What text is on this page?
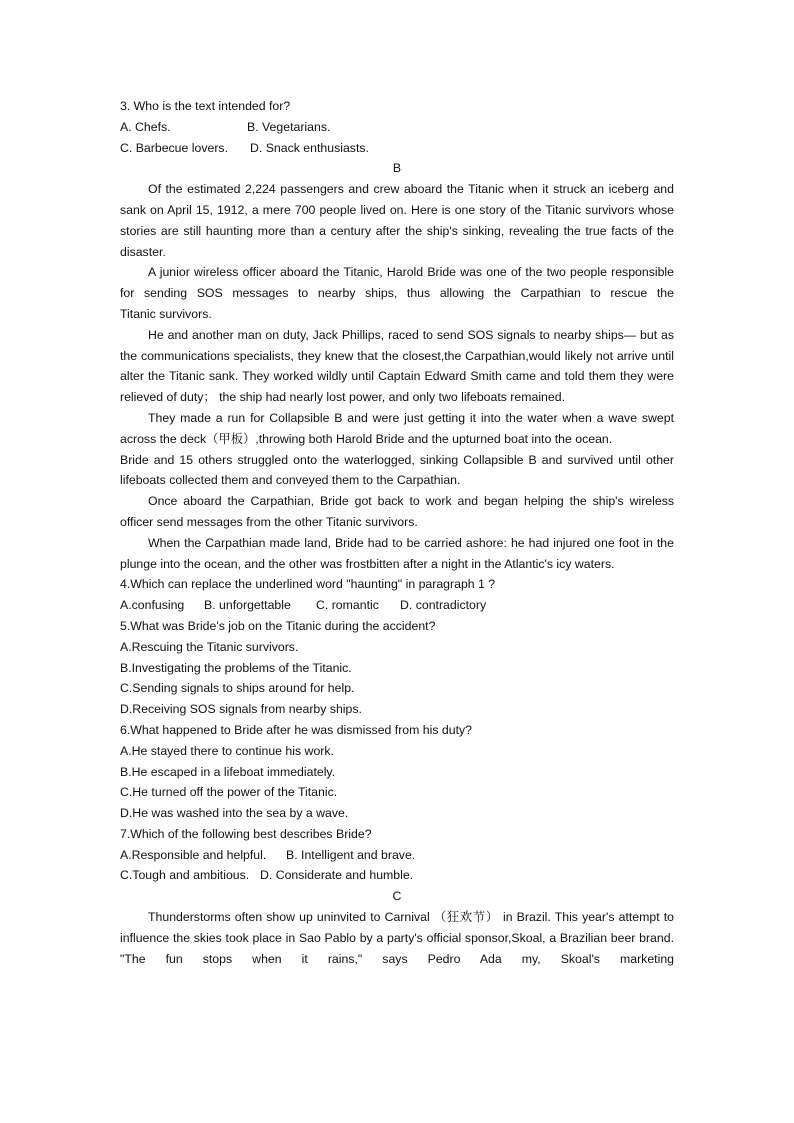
3. Who is the text intended for?
A. Chefs.	B. Vegetarians.
C. Barbecue lovers.	D. Snack enthusiasts.
B
Of the estimated 2,224 passengers and crew aboard the Titanic when it struck an iceberg and sank on April 15, 1912, a mere 700 people lived on. Here is one story of the Titanic survivors whose stories are still haunting more than a century after the ship's sinking, revealing the true facts of the disaster.
A junior wireless officer aboard the Titanic, Harold Bride was one of the two people responsible for sending SOS messages to nearby ships, thus allowing the Carpathian to rescue the
Titanic survivors.
He and another man on duty, Jack Phillips, raced to send SOS signals to nearby ships— but as the communications specialists, they knew that the closest,the Carpathian,would likely not arrive until alter the Titanic sank. They worked wildly until Captain Edward Smith came and told them they were relieved of duty； the ship had nearly lost power, and only two lifeboats remained.
They made a run for Collapsible B and were just getting it into the water when a wave swept across the deck（甲板）,throwing both Harold Bride and the upturned boat into the ocean.
Bride and 15 others struggled onto the waterlogged, sinking Collapsible B and survived until other lifeboats collected them and conveyed them to the Carpathian.
Once aboard the Carpathian, Bride got back to work and began helping the ship's wireless officer send messages from the other Titanic survivors.
When the Carpathian made land, Bride had to be carried ashore: he had injured one foot in the plunge into the ocean, and the other was frostbitten after a night in the Atlantic's icy waters.
4.Which can replace the underlined word "haunting" in paragraph 1 ?
A.confusing	B. unforgettable	C. romantic	D. contradictory
5.What was Bride's job on the Titanic during the accident?
A.Rescuing the Titanic survivors.
B.Investigating the problems of the Titanic.
C.Sending signals to ships around for help.
D.Receiving SOS signals from nearby ships.
6.What happened to Bride after he was dismissed from his duty?
A.He stayed there to continue his work.
B.He escaped in a lifeboat immediately.
C.He turned off the power of the Titanic.
D.He was washed into the sea by a wave.
7.Which of the following best describes Bride?
A.Responsible and helpful.	B. Intelligent and brave.
C.Tough and ambitious. D. Considerate and humble.
C
Thunderstorms often show up uninvited to Carnival （狂欢节） in Brazil. This year's attempt to influence the skies took place in Sao Pablo by a party's official sponsor,Skoal, a Brazilian beer brand. "The fun stops when it rains," says Pedro Ada my, Skoal's marketing
